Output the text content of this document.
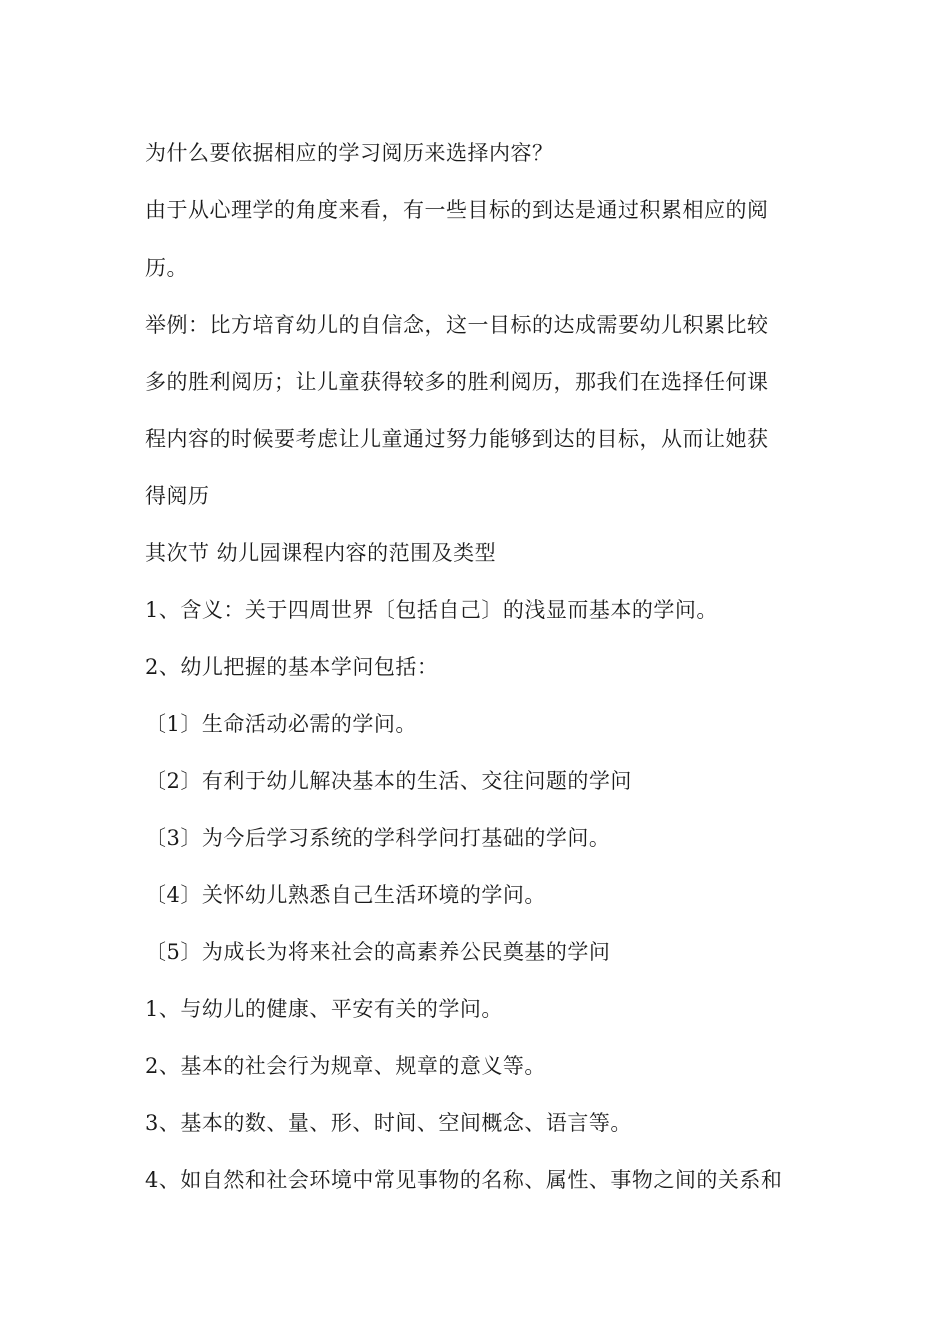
为什么要依据相应的学习阅历来选择内容？
由于从心理学的角度来看，有一些目标的到达是通过积累相应的阅
历。
举例：比方培育幼儿的自信念，这一目标的达成需要幼儿积累比较
多的胜利阅历；让儿童获得较多的胜利阅历，那我们在选择任何课
程内容的时候要考虑让儿童通过努力能够到达的目标，从而让她获
得阅历
其次节 幼儿园课程内容的范围及类型
1、含义：关于四周世界〔包括自己〕的浅显而基本的学问。
2、幼儿把握的基本学问包括：
〔1〕生命活动必需的学问。
〔2〕有利于幼儿解决基本的生活、交往问题的学问
〔3〕为今后学习系统的学科学问打基础的学问。
〔4〕关怀幼儿熟悉自己生活环境的学问。
〔5〕为成长为将来社会的高素养公民奠基的学问
1、与幼儿的健康、平安有关的学问。
2、基本的社会行为规章、规章的意义等。
3、基本的数、量、形、时间、空间概念、语言等。
4、如自然和社会环境中常见事物的名称、属性、事物之间的关系和
